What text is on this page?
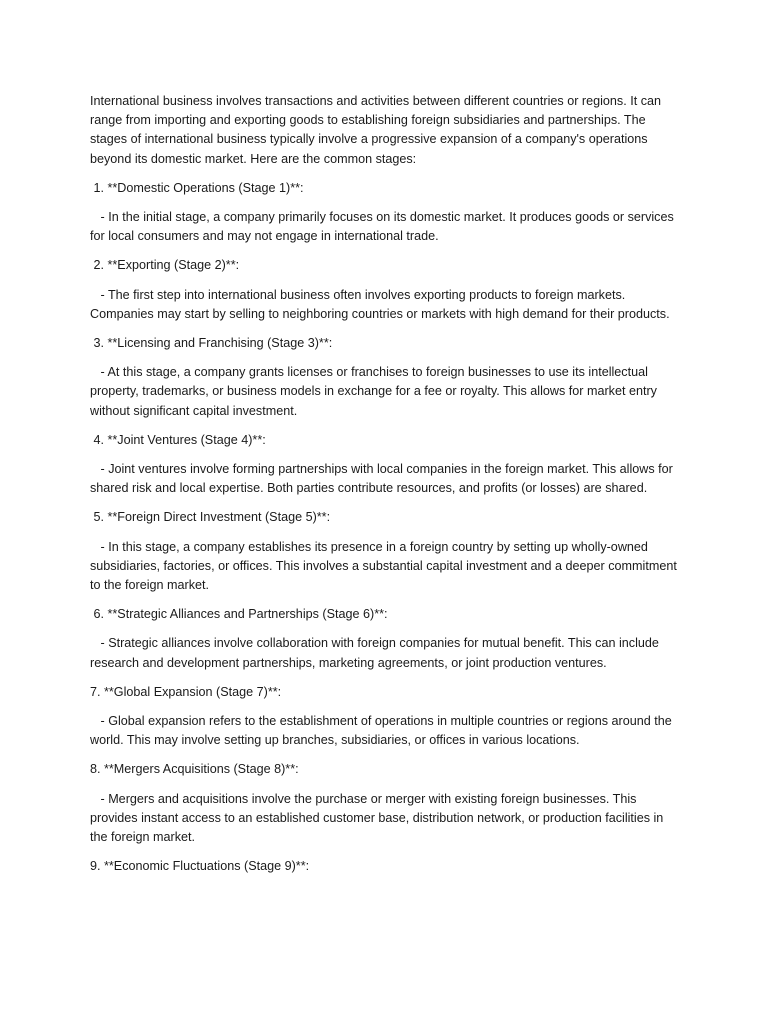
International business involves transactions and activities between different countries or regions. It can range from importing and exporting goods to establishing foreign subsidiaries and partnerships. The stages of international business typically involve a progressive expansion of a company's operations beyond its domestic market. Here are the common stages:

1. **Domestic Operations (Stage 1)**:

- In the initial stage, a company primarily focuses on its domestic market. It produces goods or services for local consumers and may not engage in international trade.

2. **Exporting (Stage 2)**:

- The first step into international business often involves exporting products to foreign markets. Companies may start by selling to neighboring countries or markets with high demand for their products.

3. **Licensing and Franchising (Stage 3)**:

- At this stage, a company grants licenses or franchises to foreign businesses to use its intellectual property, trademarks, or business models in exchange for a fee or royalty. This allows for market entry without significant capital investment.

4. **Joint Ventures (Stage 4)**:

- Joint ventures involve forming partnerships with local companies in the foreign market. This allows for shared risk and local expertise. Both parties contribute resources, and profits (or losses) are shared.

5. **Foreign Direct Investment (Stage 5)**:

- In this stage, a company establishes its presence in a foreign country by setting up wholly-owned subsidiaries, factories, or offices. This involves a substantial capital investment and a deeper commitment to the foreign market.

6. **Strategic Alliances and Partnerships (Stage 6)**:

- Strategic alliances involve collaboration with foreign companies for mutual benefit. This can include research and development partnerships, marketing agreements, or joint production ventures.

7. **Global Expansion (Stage 7)**:

- Global expansion refers to the establishment of operations in multiple countries or regions around the world. This may involve setting up branches, subsidiaries, or offices in various locations.

8. **Mergers Acquisitions (Stage 8)**:

- Mergers and acquisitions involve the purchase or merger with existing foreign businesses. This provides instant access to an established customer base, distribution network, or production facilities in the foreign market.

9. **Economic Fluctuations (Stage 9)**:
